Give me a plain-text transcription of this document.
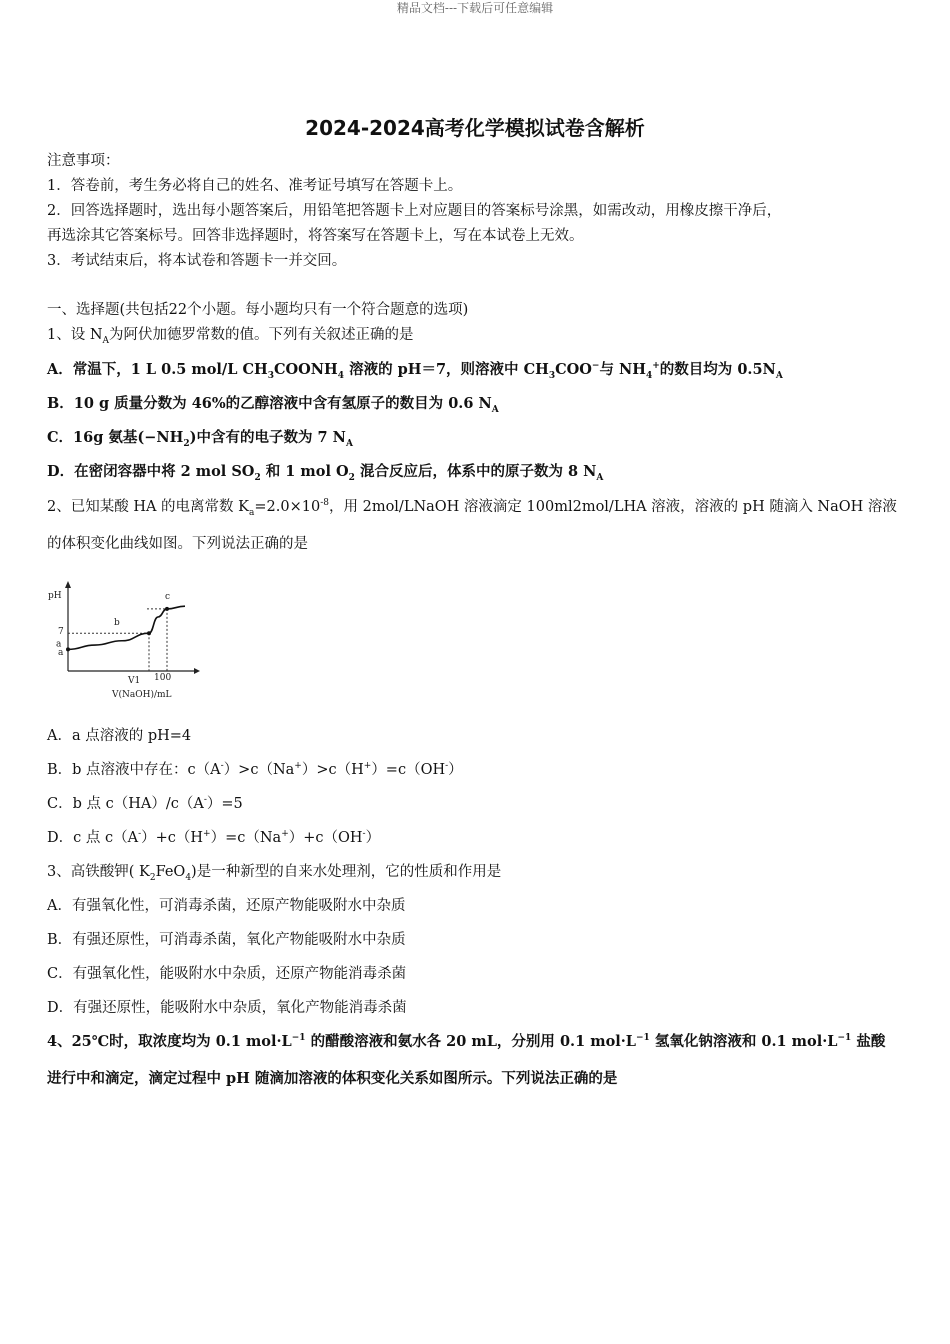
精品文档---下载后可任意编辑
2024-2024高考化学模拟试卷含解析
注意事项：
1．答卷前，考生务必将自己的姓名、准考证号填写在答题卡上。
2．回答选择题时，选出每小题答案后，用铅笔把答题卡上对应题目的答案标号涂黑，如需改动，用橡皮擦干净后，
再选涂其它答案标号。回答非选择题时，将答案写在答题卡上，写在本试卷上无效。
3．考试结束后，将本试卷和答题卡一并交回。
一、选择题(共包括22个小题。每小题均只有一个符合题意的选项)
1、设 $N_A$为阿伏加德罗常数的值。下列有关叙述正确的是
A．常温下，1 L 0.5 mol/L $CH_3COONH_4$ 溶液的 pH＝7，则溶液中 $CH_3COO^-$与 $NH_4^+$的数目均为 $0.5N_A$
B．10 g 质量分数为 46%的乙醇溶液中含有氢原子的数目为 0.6 $N_A$
C．16g 氨基$(-NH_2)$中含有的电子数为 7 $N_A$
D．在密闭容器中将 2 mol $SO_2$ 和 1 mol $O_2$ 混合反应后，体系中的原子数为 8 $N_A$
2、已知某酸 HA 的电离常数 $K_a=2.0\times 10^{-8}$，用 2mol/LNaOH 溶液滴定 100ml2mol/LHA 溶液，溶液的 pH 随滴入 NaOH 溶液
的体积变化曲线如图。下列说法正确的是
pH
V(NaOH)/mL
7
a
V1 100
a
b
c
A．a 点溶液的 pH=4
B．b 点溶液中存在：c（A-）>c（Na+）>c（H+）=c（OH-）
C．b 点 c（HA）/c（A-）=5
D．c 点 c（A-）+c（H+）=c（Na+）+c（OH-）
3、高铁酸钾( $K_2FeO_4$)是一种新型的自来水处理剂，它的性质和作用是
A．有强氧化性，可消毒杀菌，还原产物能吸附水中杂质
B．有强还原性，可消毒杀菌，氧化产物能吸附水中杂质
C．有强氧化性，能吸附水中杂质，还原产物能消毒杀菌
D．有强还原性，能吸附水中杂质，氧化产物能消毒杀菌
4、25℃时，取浓度均为 0.1 $mol\cdot L^{-1}$ 的醋酸溶液和氨水各 20 mL，分别用 0.1 $mol\cdot L^{-1}$ 氢氧化钠溶液和 0.1 $mol\cdot L^{-1}$ 盐酸
进行中和滴定，滴定过程中 pH 随滴加溶液的体积变化关系如图所示。下列说法正确的是
